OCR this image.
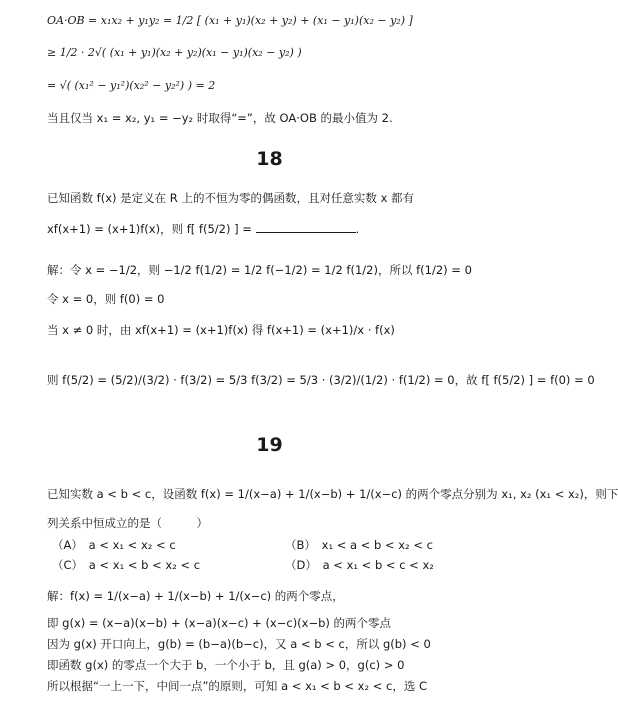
OA·OB = x₁x₂ + y₁y₂ = 1/2 [ (x₁ + y₁)(x₂ + y₂) + (x₁ − y₁)(x₂ − y₂) ]
≥ 1/2 · 2√( (x₁ + y₁)(x₂ + y₂)(x₁ − y₁)(x₂ − y₂) )
= √( (x₁² − y₁²)(x₂² − y₂²) ) = 2
当且仅当 x₁ = x₂, y₁ = −y₂ 时取得“=”，故 OA·OB 的最小值为 2.
18
已知函数 f(x) 是定义在 R 上的不恒为零的偶函数，且对任意实数 x 都有
xf(x+1) = (x+1)f(x)，则 f[ f(5/2) ] =	.
解：令 x = −1/2，则 −1/2 f(1/2) = 1/2 f(−1/2) = 1/2 f(1/2)，所以 f(1/2) = 0
令 x = 0，则 f(0) = 0
当 x ≠ 0 时，由 xf(x+1) = (x+1)f(x) 得 f(x+1) = (x+1)/x · f(x)
则 f(5/2) = (5/2)/(3/2) · f(3/2) = 5/3 f(3/2) = 5/3 · (3/2)/(1/2) · f(1/2) = 0，故 f[ f(5/2) ] = f(0) = 0
19
已知实数 a < b < c，设函数 f(x) = 1/(x−a) + 1/(x−b) + 1/(x−c) 的两个零点分别为 x₁, x₂ (x₁ < x₂)，则下
列关系中恒成立的是（　　　）
（A）　a < x₁ < x₂ < c	（B）　x₁ < a < b < x₂ < c
（C）　a < x₁ < b < x₂ < c	（D）　a < x₁ < b < c < x₂
解：f(x) = 1/(x−a) + 1/(x−b) + 1/(x−c) 的两个零点，
即 g(x) = (x−a)(x−b) + (x−a)(x−c) + (x−c)(x−b) 的两个零点
因为 g(x) 开口向上，g(b) = (b−a)(b−c)，又 a < b < c，所以 g(b) < 0
即函数 g(x) 的零点一个大于 b，一个小于 b，且 g(a) > 0，g(c) > 0
所以根据“一上一下，中间一点”的原则，可知 a < x₁ < b < x₂ < c，选 C
